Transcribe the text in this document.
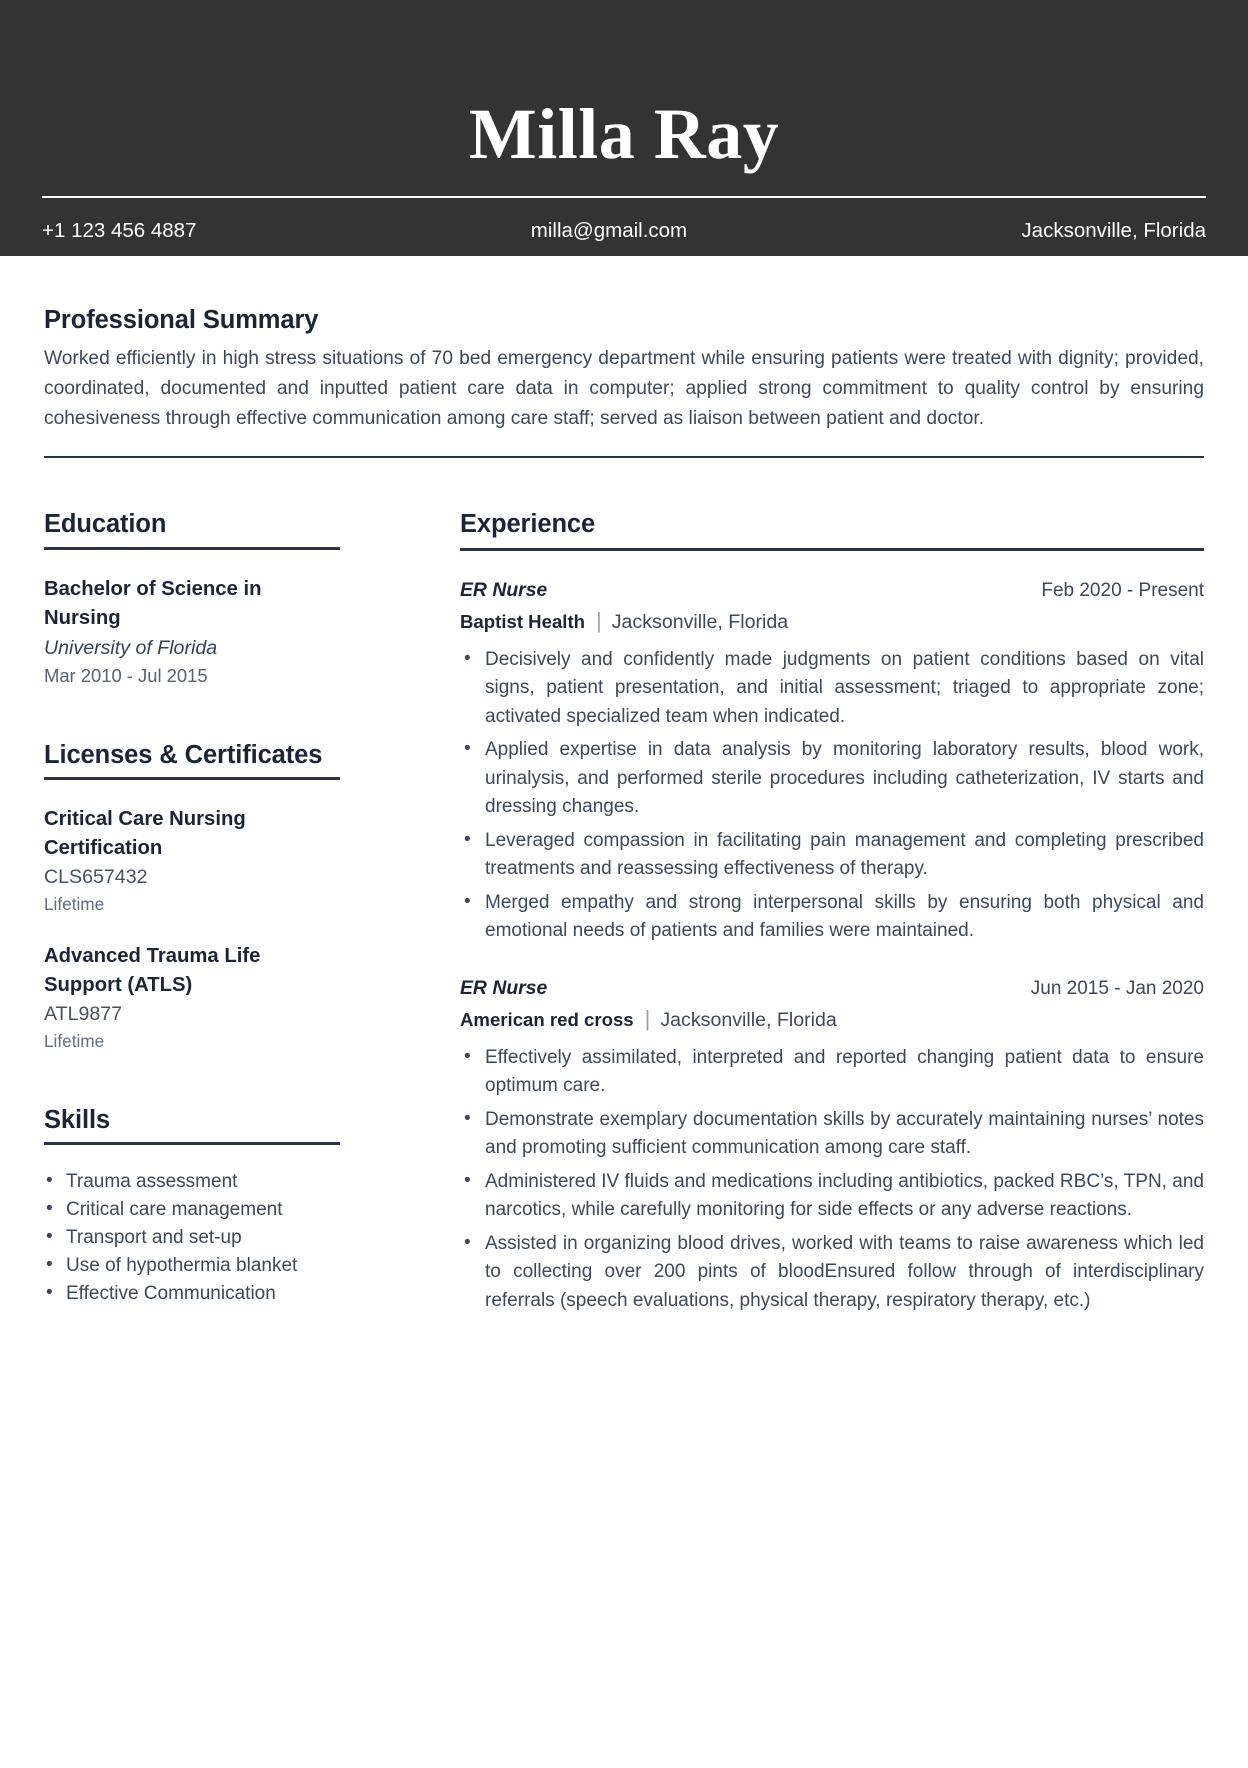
Milla Ray
+1 123 456 4887	milla@gmail.com	Jacksonville, Florida
Professional Summary
Worked efficiently in high stress situations of 70 bed emergency department while ensuring patients were treated with dignity; provided, coordinated, documented and inputted patient care data in computer; applied strong commitment to quality control by ensuring cohesiveness through effective communication among care staff; served as liaison between patient and doctor.
Education
Bachelor of Science in Nursing
University of Florida
Mar 2010 - Jul 2015
Licenses & Certificates
Critical Care Nursing Certification
CLS657432
Lifetime
Advanced Trauma Life Support (ATLS)
ATL9877
Lifetime
Skills
• Trauma assessment
• Critical care management
• Transport and set-up
• Use of hypothermia blanket
• Effective Communication
Experience
ER Nurse	Feb 2020 - Present
Baptist Health | Jacksonville, Florida
• Decisively and confidently made judgments on patient conditions based on vital signs, patient presentation, and initial assessment; triaged to appropriate zone; activated specialized team when indicated.
• Applied expertise in data analysis by monitoring laboratory results, blood work, urinalysis, and performed sterile procedures including catheterization, IV starts and dressing changes.
• Leveraged compassion in facilitating pain management and completing prescribed treatments and reassessing effectiveness of therapy.
• Merged empathy and strong interpersonal skills by ensuring both physical and emotional needs of patients and families were maintained.
ER Nurse	Jun 2015 - Jan 2020
American red cross | Jacksonville, Florida
• Effectively assimilated, interpreted and reported changing patient data to ensure optimum care.
• Demonstrate exemplary documentation skills by accurately maintaining nurses’ notes and promoting sufficient communication among care staff.
• Administered IV fluids and medications including antibiotics, packed RBC’s, TPN, and narcotics, while carefully monitoring for side effects or any adverse reactions.
• Assisted in organizing blood drives, worked with teams to raise awareness which led to collecting over 200 pints of bloodEnsured follow through of interdisciplinary referrals (speech evaluations, physical therapy, respiratory therapy, etc.)
